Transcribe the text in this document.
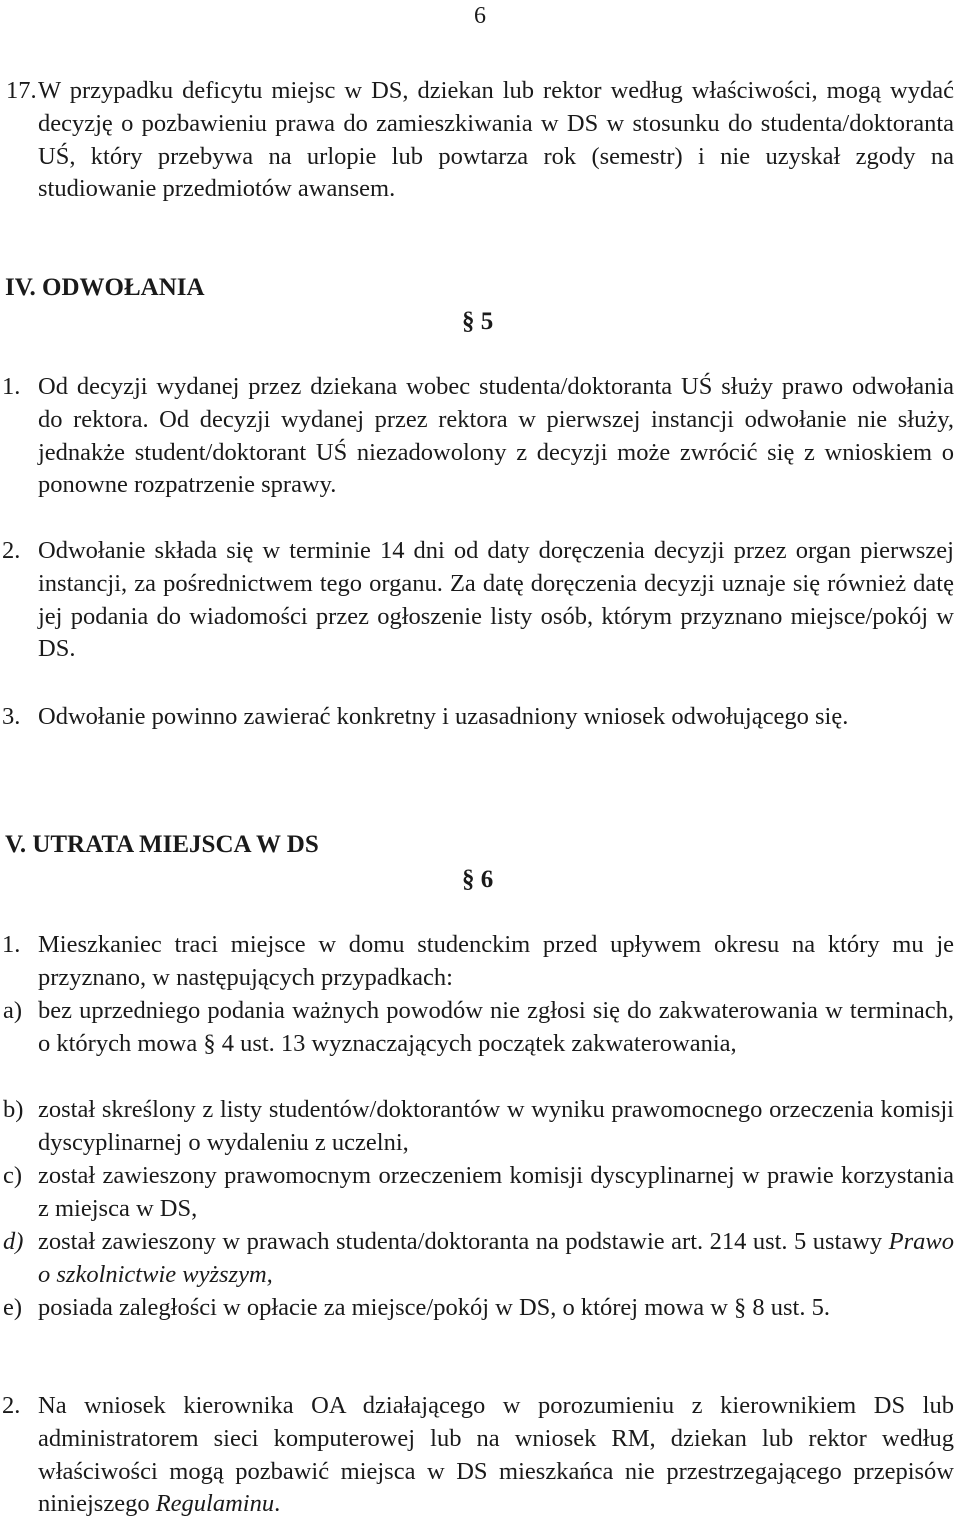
6
17. W przypadku deficytu miejsc w DS, dziekan lub rektor według właściwości, mogą wydać decyzję o pozbawieniu prawa do zamieszkiwania w DS w stosunku do studenta/doktoranta UŚ, który przebywa na urlopie lub powtarza rok (semestr) i nie uzyskał zgody na studiowanie przedmiotów awansem.
IV. ODWOŁANIA
§ 5
1. Od decyzji wydanej przez dziekana wobec studenta/doktoranta UŚ służy prawo odwołania do rektora. Od decyzji wydanej przez rektora w pierwszej instancji odwołanie nie służy, jednakże student/doktorant UŚ niezadowolony z decyzji może zwrócić się z wnioskiem o ponowne rozpatrzenie sprawy.
2. Odwołanie składa się w terminie 14 dni od daty doręczenia decyzji przez organ pierwszej instancji, za pośrednictwem tego organu. Za datę doręczenia decyzji uznaje się również datę jej podania do wiadomości przez ogłoszenie listy osób, którym przyznano miejsce/pokój w DS.
3. Odwołanie powinno zawierać konkretny i uzasadniony wniosek odwołującego się.
V. UTRATA MIEJSCA W DS
§ 6
1. Mieszkaniec traci miejsce w domu studenckim przed upływem okresu na który mu je przyznano, w następujących przypadkach:
a) bez uprzedniego podania ważnych powodów nie zgłosi się do zakwaterowania w terminach, o których mowa § 4 ust. 13 wyznaczających początek zakwaterowania,
b) został skreślony z listy studentów/doktorantów w wyniku prawomocnego orzeczenia komisji dyscyplinarnej o wydaleniu z uczelni,
c) został zawieszony prawomocnym orzeczeniem komisji dyscyplinarnej w prawie korzystania z miejsca w DS,
d) został zawieszony w prawach studenta/doktoranta na podstawie art. 214 ust. 5 ustawy Prawo o szkolnictwie wyższym,
e) posiada zaległości w opłacie za miejsce/pokój w DS, o której mowa w § 8 ust. 5.
2. Na wniosek kierownika OA działającego w porozumieniu z kierownikiem DS lub administratorem sieci komputerowej lub na wniosek RM, dziekan lub rektor według właściwości mogą pozbawić miejsca w DS mieszkańca nie przestrzegającego przepisów niniejszego Regulaminu.
